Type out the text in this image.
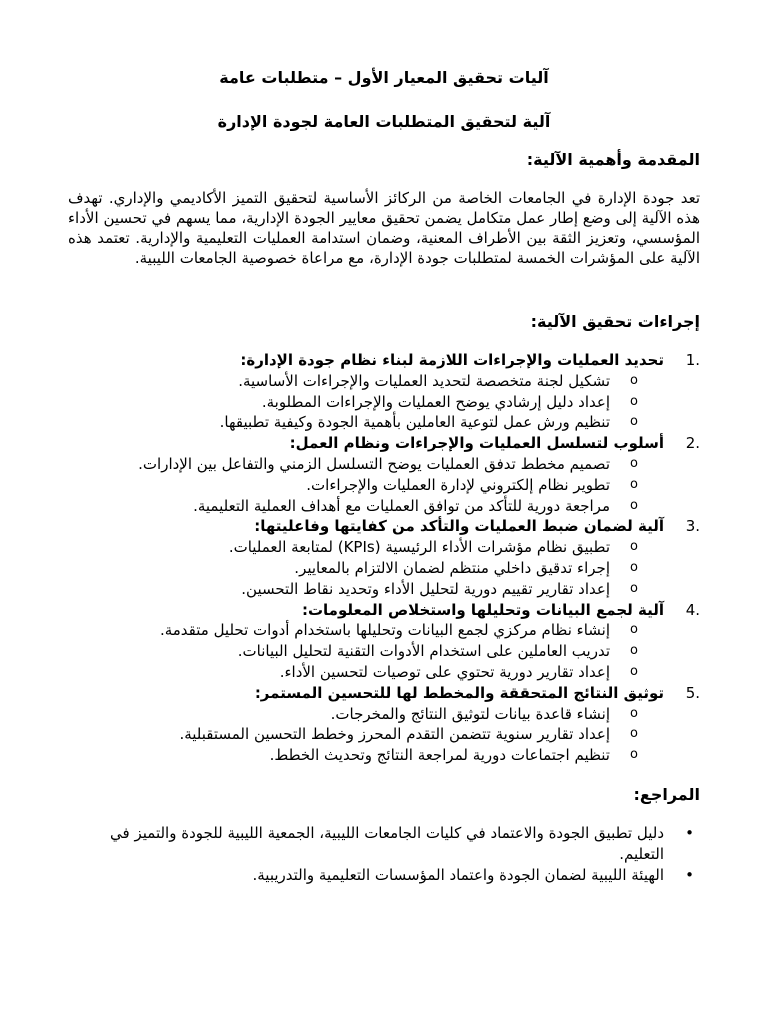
آليات تحقيق المعيار الأول – متطلبات عامة
آلية لتحقيق المتطلبات العامة لجودة الإدارة
المقدمة وأهمية الآلية:
تعد جودة الإدارة في الجامعات الخاصة من الركائز الأساسية لتحقيق التميز الأكاديمي والإداري. تهدف هذه الآلية إلى وضع إطار عمل متكامل يضمن تحقيق معايير الجودة الإدارية، مما يسهم في تحسين الأداء المؤسسي، وتعزيز الثقة بين الأطراف المعنية، وضمان استدامة العمليات التعليمية والإدارية. تعتمد هذه الآلية على المؤشرات الخمسة لمتطلبات جودة الإدارة، مع مراعاة خصوصية الجامعات الليبية.
إجراءات تحقيق الآلية:
1.
تحديد العمليات والإجراءات اللازمة لبناء نظام جودة الإدارة:
o
تشكيل لجنة متخصصة لتحديد العمليات والإجراءات الأساسية.
o
إعداد دليل إرشادي يوضح العمليات والإجراءات المطلوبة.
o
تنظيم ورش عمل لتوعية العاملين بأهمية الجودة وكيفية تطبيقها.
2.
أسلوب لتسلسل العمليات والإجراءات ونظام العمل:
o
تصميم مخطط تدفق العمليات يوضح التسلسل الزمني والتفاعل بين الإدارات.
o
تطوير نظام إلكتروني لإدارة العمليات والإجراءات.
o
مراجعة دورية للتأكد من توافق العمليات مع أهداف العملية التعليمية.
3.
آلية لضمان ضبط العمليات والتأكد من كفايتها وفاعليتها:
o
تطبيق نظام مؤشرات الأداء الرئيسية (KPIs) لمتابعة العمليات.
o
إجراء تدقيق داخلي منتظم لضمان الالتزام بالمعايير.
o
إعداد تقارير تقييم دورية لتحليل الأداء وتحديد نقاط التحسين.
4.
آلية لجمع البيانات وتحليلها واستخلاص المعلومات:
o
إنشاء نظام مركزي لجمع البيانات وتحليلها باستخدام أدوات تحليل متقدمة.
o
تدريب العاملين على استخدام الأدوات التقنية لتحليل البيانات.
o
إعداد تقارير دورية تحتوي على توصيات لتحسين الأداء.
5.
توثيق النتائج المتحققة والمخطط لها للتحسين المستمر:
o
إنشاء قاعدة بيانات لتوثيق النتائج والمخرجات.
o
إعداد تقارير سنوية تتضمن التقدم المحرز وخطط التحسين المستقبلية.
o
تنظيم اجتماعات دورية لمراجعة النتائج وتحديث الخطط.
المراجع:
•
دليل تطبيق الجودة والاعتماد في كليات الجامعات الليبية، الجمعية الليبية للجودة والتميز في التعليم.
•
الهيئة الليبية لضمان الجودة واعتماد المؤسسات التعليمية والتدريبية.
